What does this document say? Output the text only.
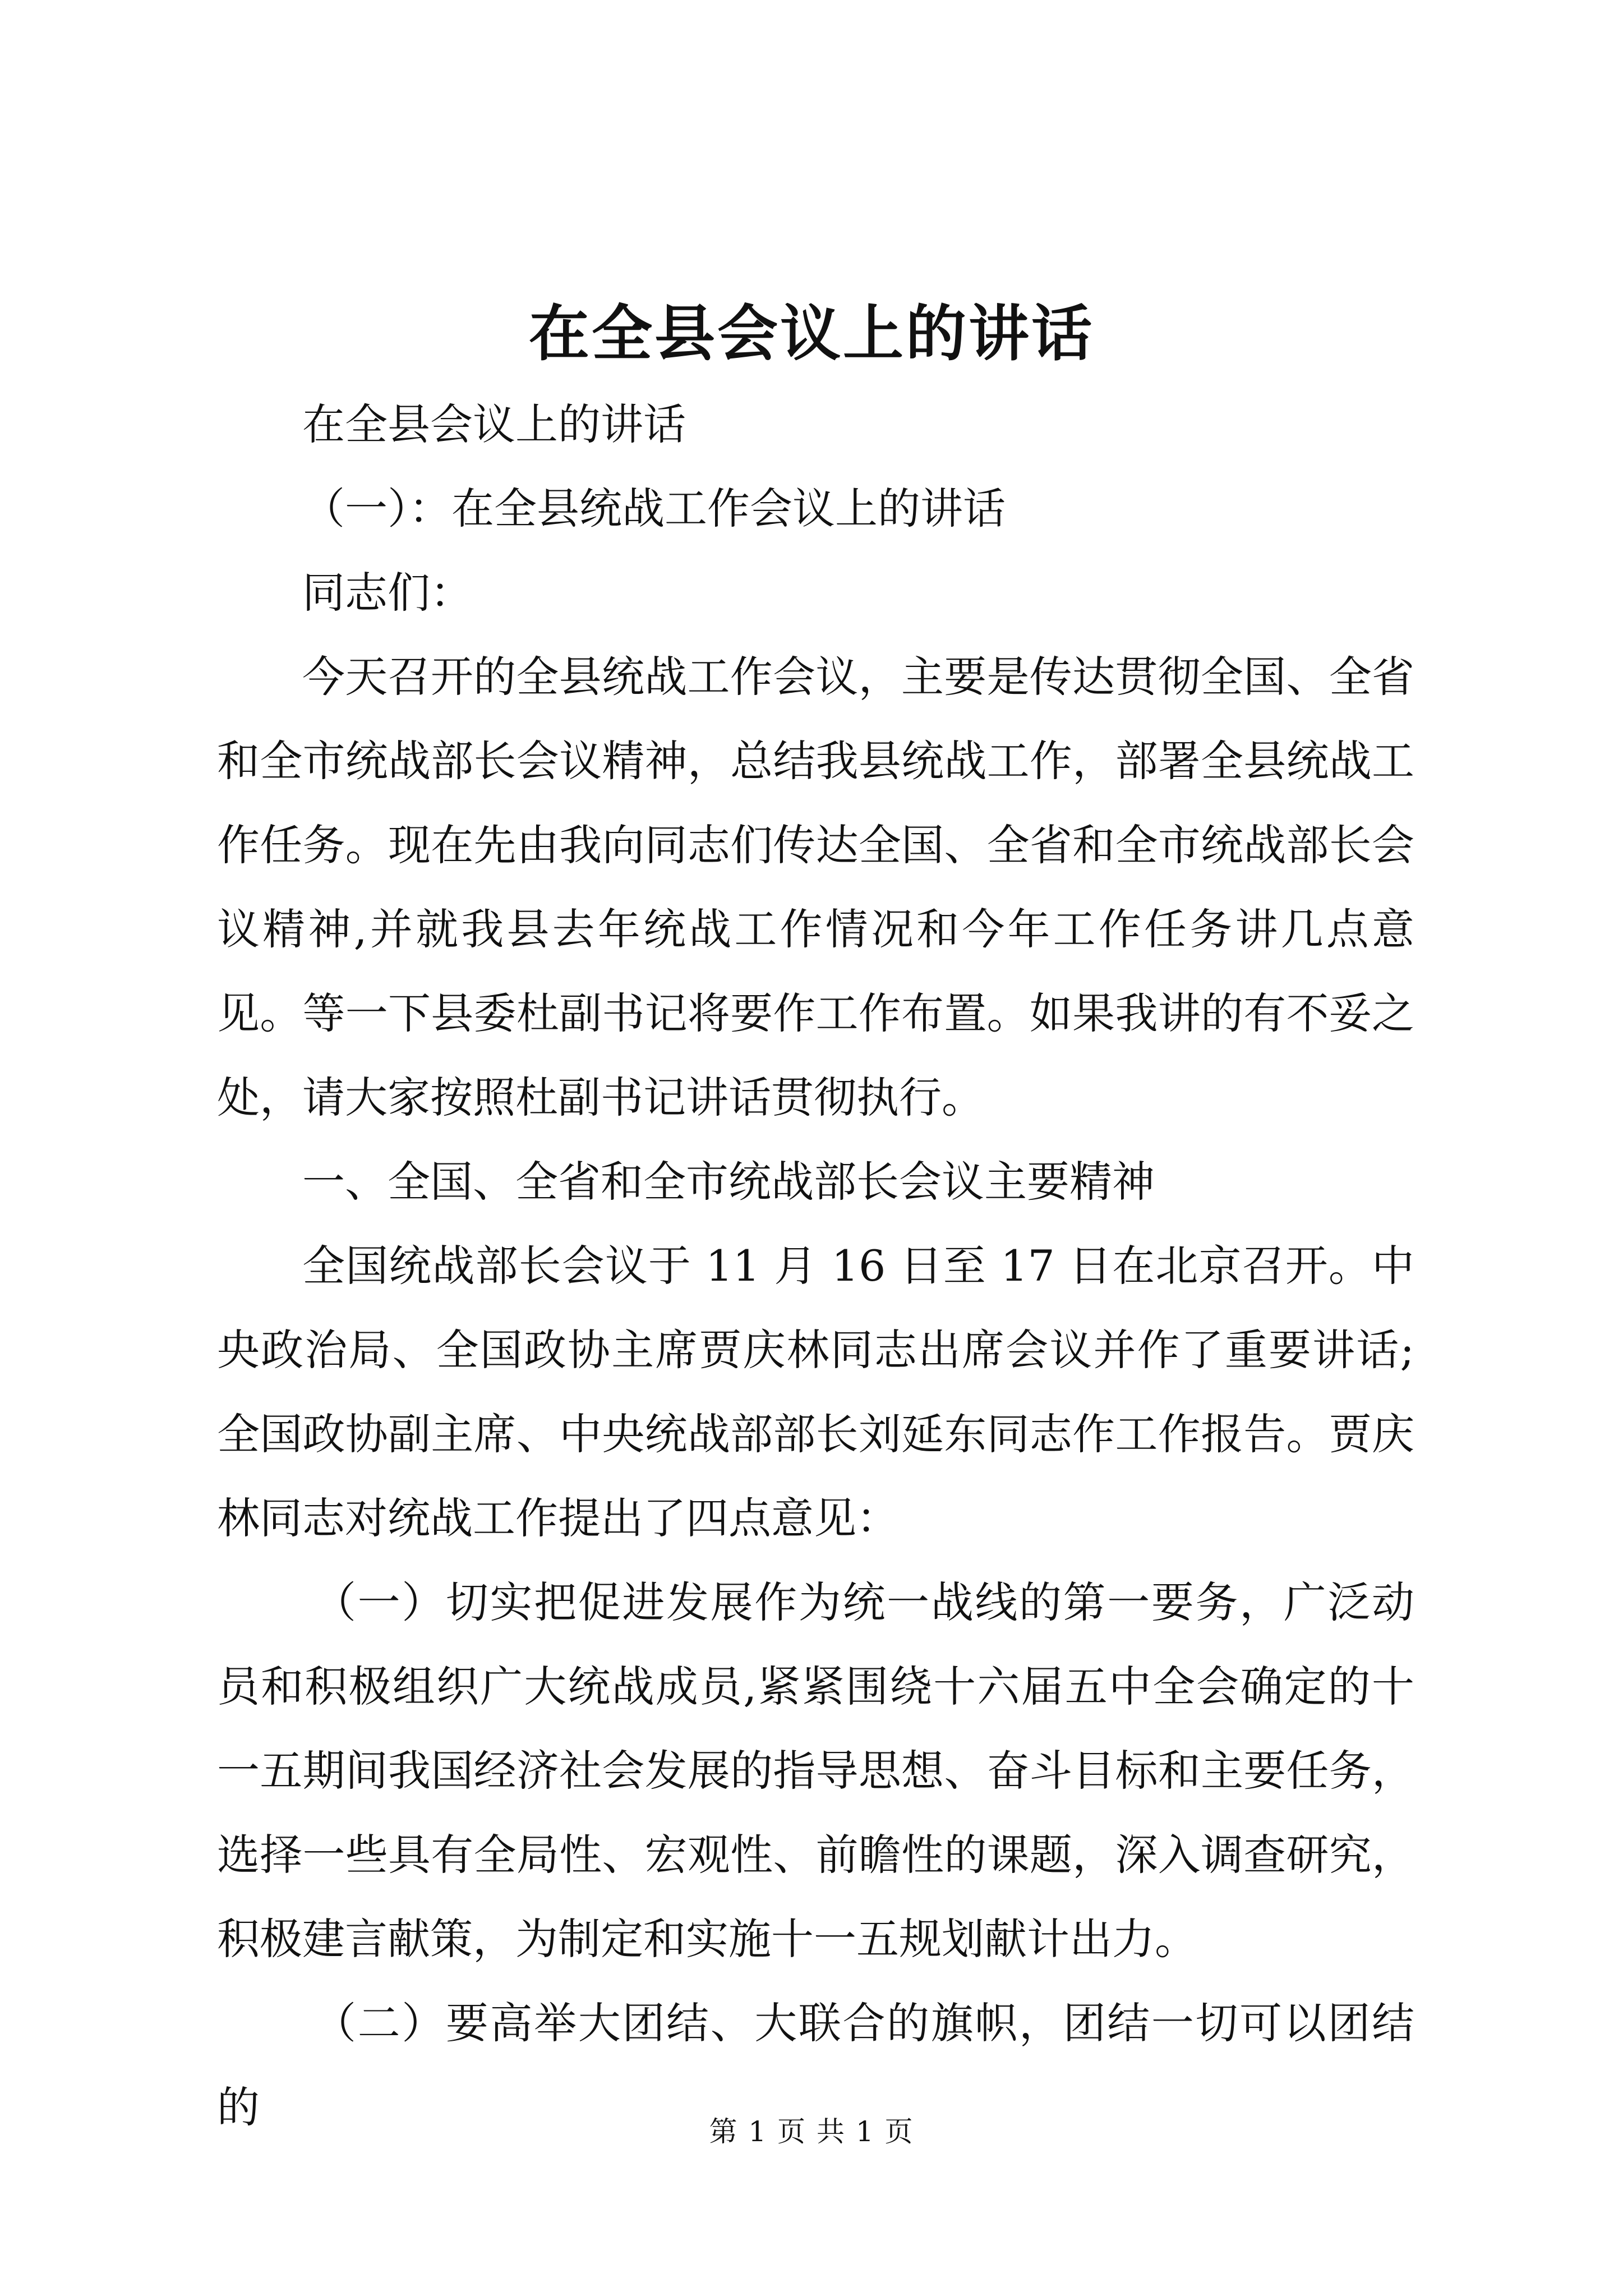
在全县会议上的讲话

在全县会议上的讲话

（一）：在全县统战工作会议上的讲话

同志们：

今天召开的全县统战工作会议，主要是传达贯彻全国、全省和全市统战部长会议精神，总结我县统战工作，部署全县统战工作任务。现在先由我向同志们传达全国、全省和全市统战部长会议精神,并就我县去年统战工作情况和今年工作任务讲几点意见。等一下县委杜副书记将要作工作布置。如果我讲的有不妥之处，请大家按照杜副书记讲话贯彻执行。

一、全国、全省和全市统战部长会议主要精神

全国统战部长会议于 11 月 16 日至 17 日在北京召开。中央政治局、全国政协主席贾庆林同志出席会议并作了重要讲话;全国政协副主席、中央统战部部长刘延东同志作工作报告。贾庆林同志对统战工作提出了四点意见：

（一）切实把促进发展作为统一战线的第一要务，广泛动员和积极组织广大统战成员,紧紧围绕十六届五中全会确定的十一五期间我国经济社会发展的指导思想、奋斗目标和主要任务，选择一些具有全局性、宏观性、前瞻性的课题，深入调查研究，积极建言献策，为制定和实施十一五规划献计出力。

（二）要高举大团结、大联合的旗帜，团结一切可以团结的	第 1 页 共 1 页
